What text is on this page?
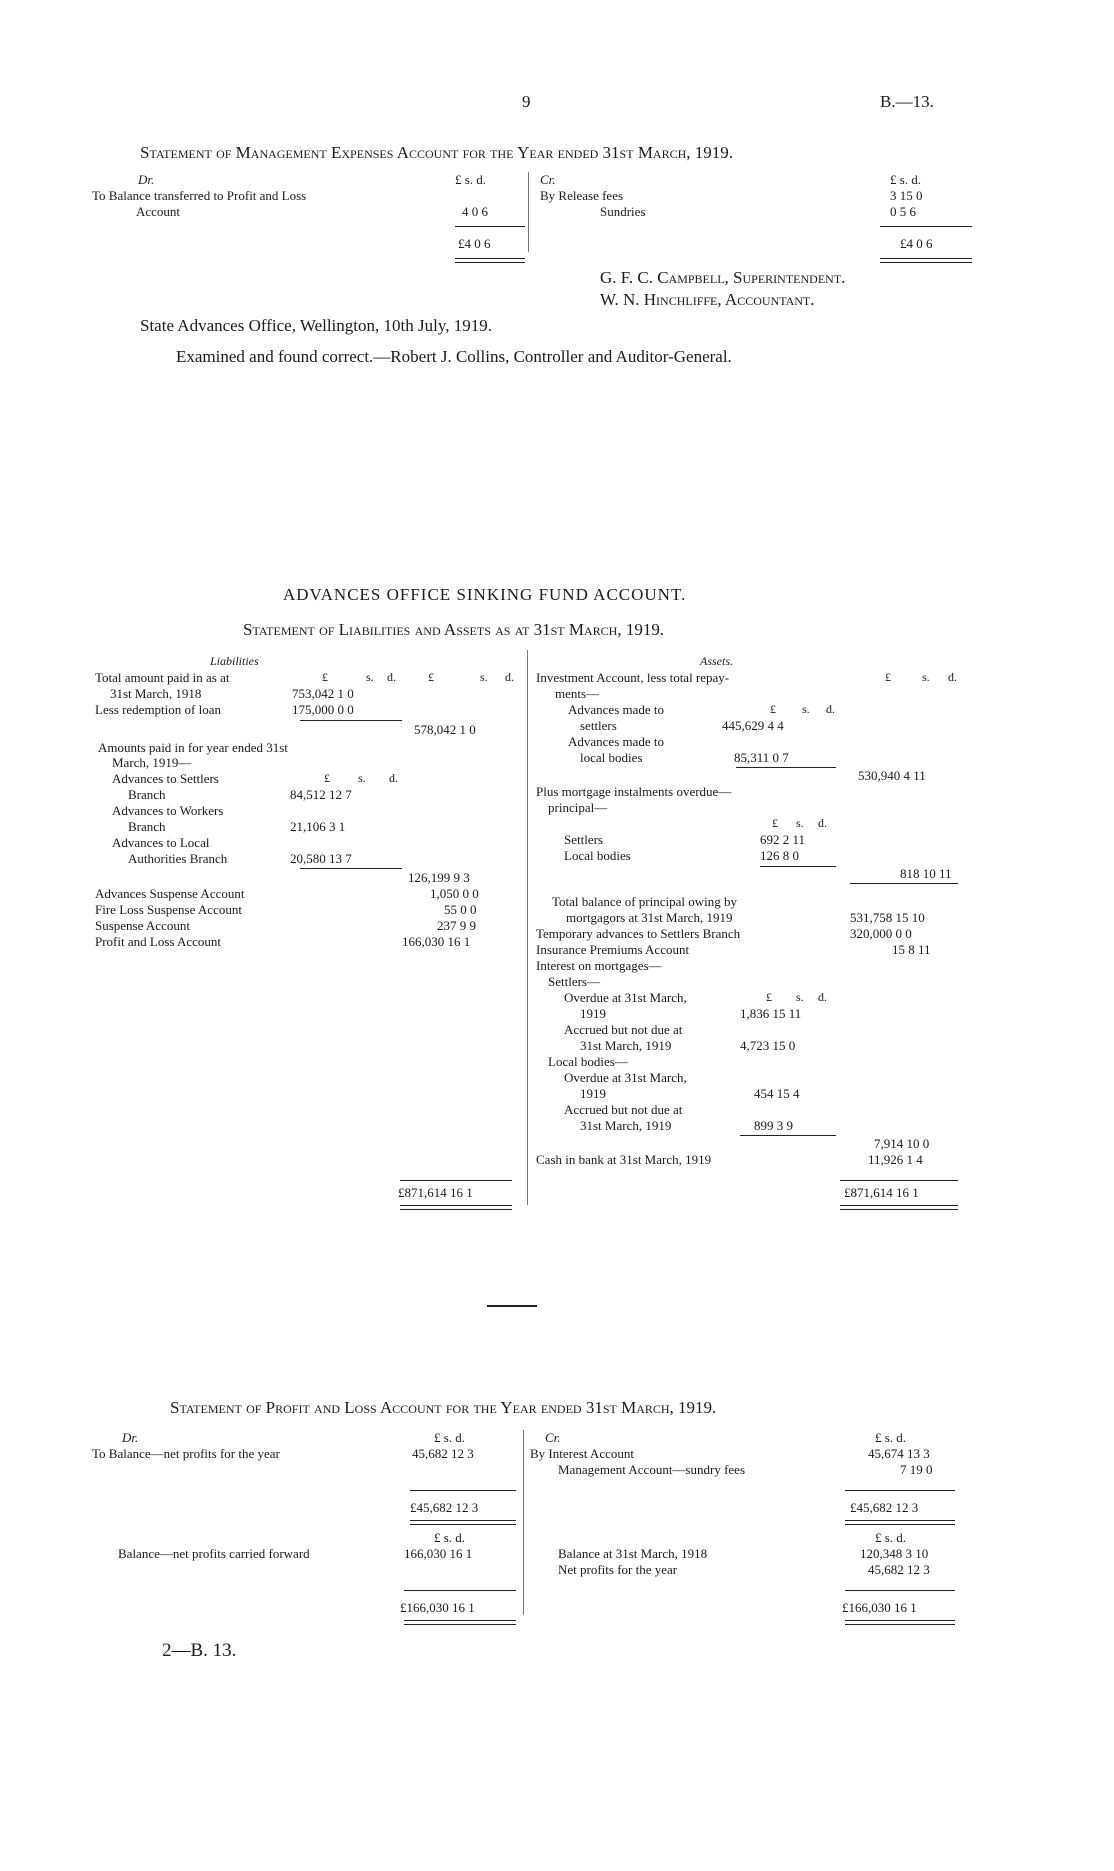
9	B.—13.
Statement of Management Expenses Account for the Year ended 31st March, 1919.
Dr.	£ s. d.	Cr.	£ s. d.
To Balance transferred to Profit and Loss
Account	4 0 6
By Release fees	3 15 0
Sundries	0 5 6
£4 0 6	£4 0 6
G. F. C. Campbell, Superintendent.
W. N. Hinchliffe, Accountant.
State Advances Office, Wellington, 10th July, 1919.
Examined and found correct.—Robert J. Collins, Controller and Auditor-General.
ADVANCES OFFICE SINKING FUND ACCOUNT.
Statement of Liabilities and Assets as at 31st March, 1919.
Liabilities
Total amount paid in as at	£	s. d.	£	s. d.
31st March, 1918	753,042 1 0
Less redemption of loan	175,000 0 0
578,042 1 0
Amounts paid in for year ended 31st
March, 1919—
Advances to Settlers	£ s. d.
Branch	84,512 12 7
Advances to Workers
Branch	21,106 3 1
Advances to Local
Authorities Branch	20,580 13 7
126,199 9 3
Advances Suspense Account	1,050 0 0
Fire Loss Suspense Account	55 0 0
Suspense Account	237 9 9
Profit and Loss Account	166,030 16 1
£871,614 16 1
Assets.
Investment Account, less total repay-	£	s. d.
ments—
Advances made to	£ s. d.
settlers	445,629 4 4
Advances made to
local bodies	85,311 0 7
530,940 4 11
Plus mortgage instalments overdue—
principal—
£ s. d.
Settlers	692 2 11
Local bodies	126 8 0
818 10 11
Total balance of principal owing by
mortgagors at 31st March, 1919	531,758 15 10
Temporary advances to Settlers Branch	320,000 0 0
Insurance Premiums Account	15 8 11
Interest on mortgages—
Settlers—
Overdue at 31st March,	£ s. d.
1919	1,836 15 11
Accrued but not due at
31st March, 1919	4,723 15 0
Local bodies—
Overdue at 31st March,
1919	454 15 4
Accrued but not due at
31st March, 1919	899 3 9
7,914 10 0
Cash in bank at 31st March, 1919	11,926 1 4
£871,614 16 1
Statement of Profit and Loss Account for the Year ended 31st March, 1919.
Dr.	£ s. d.	Cr.	£ s. d.
To Balance—net profits for the year	45,682 12 3	By Interest Account	45,674 13 3
Management Account—sundry fees	7 19 0
£45,682 12 3	£45,682 12 3
£ s. d.	£ s. d.
Balance—net profits carried forward	166,030 16 1	Balance at 31st March, 1918	120,348 3 10
Net profits for the year	45,682 12 3
£166,030 16 1	£166,030 16 1
2—B. 13.
